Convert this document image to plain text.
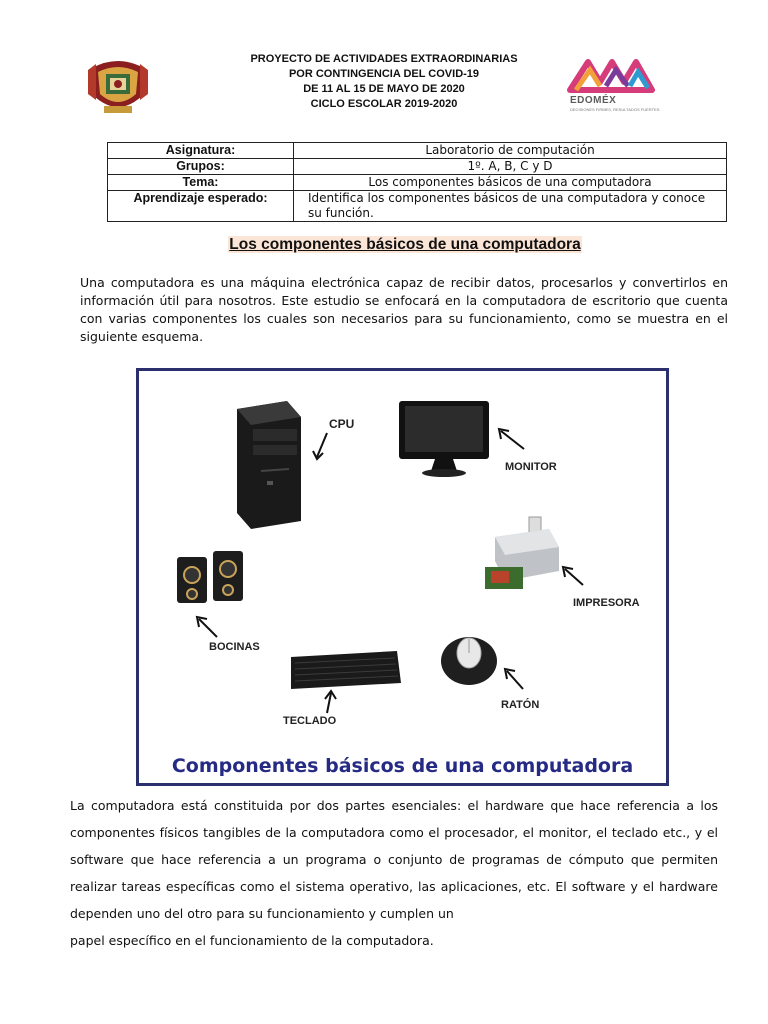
EDOMÉX
DECISIONES FIRMES, RESULTADOS FUERTES.
PROYECTO DE ACTIVIDADES EXTRAORDINARIAS
POR CONTINGENCIA DEL COVID-19
DE 11 AL 15 DE MAYO DE 2020
CICLO ESCOLAR 2019-2020
Asignatura:	Laboratorio de computación
Grupos:	1º. A, B, C y D
Tema:	Los componentes básicos de una computadora
Aprendizaje esperado:	Identifica los componentes básicos de una computadora y conoce su función.
Los componentes básicos de una computadora
Una computadora es una máquina electrónica capaz de recibir datos, procesarlos y convertirlos en información útil para nosotros. Este estudio se enfocará en la computadora de escritorio que cuenta con varias componentes los cuales son necesarios para su funcionamiento, como se muestra en el siguiente esquema.
CPU
MONITOR
IMPRESORA
BOCINAS
TECLADO
RATÓN
Componentes básicos de una computadora
La computadora está constituida por dos partes esenciales: el hardware que hace referencia a los componentes físicos tangibles de la computadora como el procesador, el monitor, el teclado etc., y el software que hace referencia a un programa o conjunto de programas de cómputo que permiten realizar tareas específicas como el sistema operativo, las aplicaciones, etc. El software y el hardware dependen uno del otro para su funcionamiento y cumplen un
papel específico en el funcionamiento de la computadora.
